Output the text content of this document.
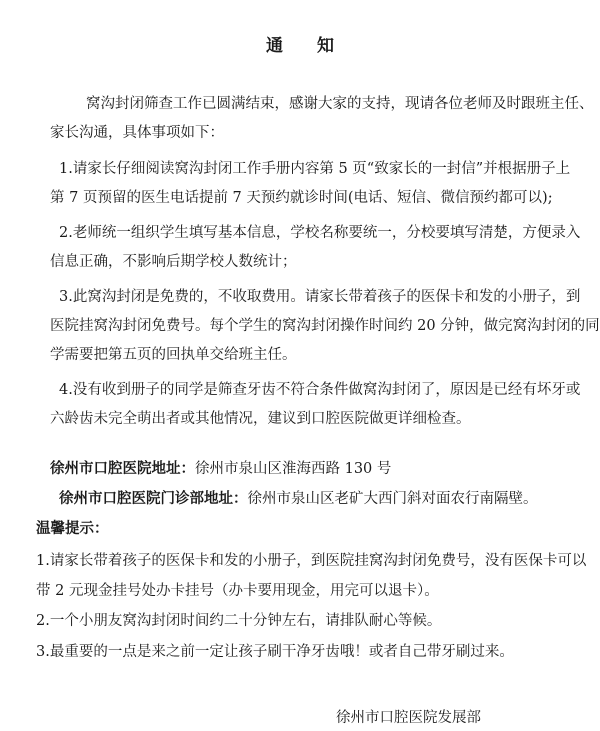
通　　知
窝沟封闭筛查工作已圆满结束，感谢大家的支持，现请各位老师及时跟班主任、
家长沟通，具体事项如下：
1.请家长仔细阅读窝沟封闭工作手册内容第 5 页“致家长的一封信”并根据册子上
第 7 页预留的医生电话提前 7 天预约就诊时间(电话、短信、微信预约都可以);
2.老师统一组织学生填写基本信息，学校名称要统一，分校要填写清楚，方便录入
信息正确，不影响后期学校人数统计；
3.此窝沟封闭是免费的，不收取费用。请家长带着孩子的医保卡和发的小册子，到
医院挂窝沟封闭免费号。每个学生的窝沟封闭操作时间约 20 分钟，做完窝沟封闭的同
学需要把第五页的回执单交给班主任。
4.没有收到册子的同学是筛查牙齿不符合条件做窝沟封闭了，原因是已经有坏牙或
六龄齿未完全萌出者或其他情况，建议到口腔医院做更详细检查。
徐州市口腔医院地址：徐州市泉山区淮海西路 130 号
徐州市口腔医院门诊部地址：徐州市泉山区老矿大西门斜对面农行南隔壁。
温馨提示：
1.请家长带着孩子的医保卡和发的小册子，到医院挂窝沟封闭免费号，没有医保卡可以
带 2 元现金挂号处办卡挂号（办卡要用现金，用完可以退卡）。
2.一个小朋友窝沟封闭时间约二十分钟左右，请排队耐心等候。
3.最重要的一点是来之前一定让孩子刷干净牙齿哦！或者自己带牙刷过来。
徐州市口腔医院发展部
